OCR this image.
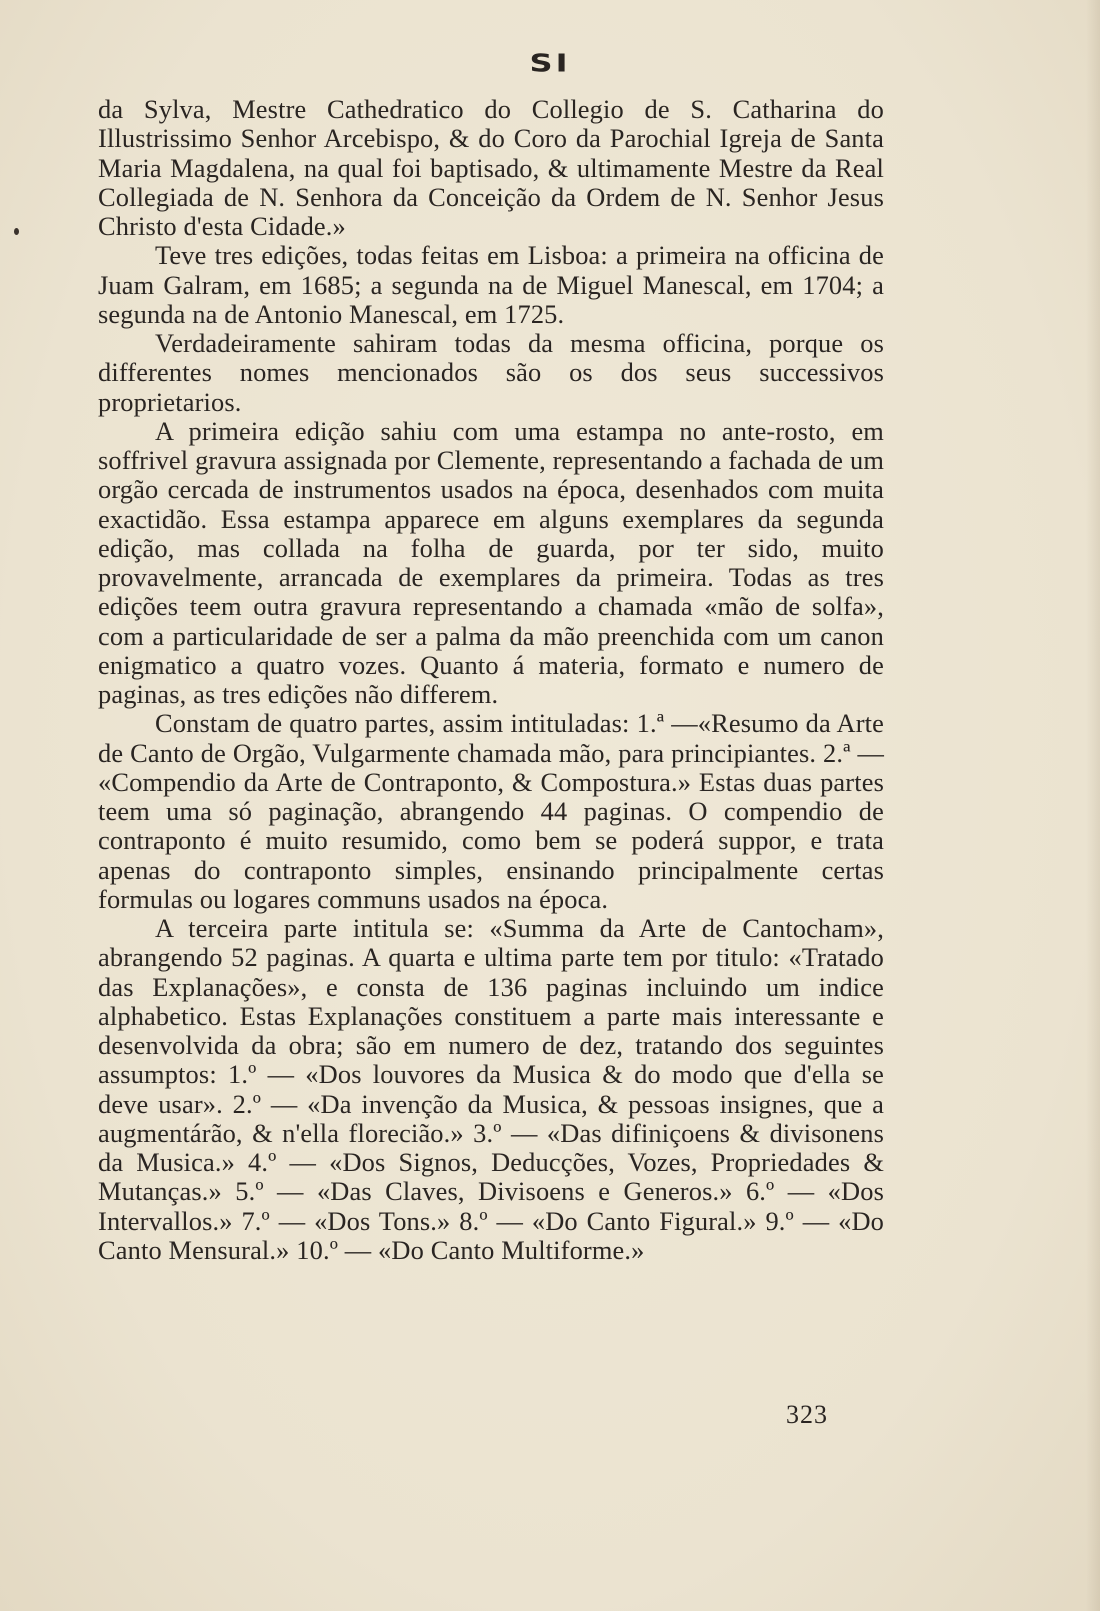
SI

da Sylva, Mestre Cathedratico do Collegio de S. Catharina do Illustrissimo Senhor Arcebispo, & do Coro da Parochial Igreja de Santa Maria Magdalena, na qual foi baptisado, & ultimamente Mestre da Real Collegiada de N. Senhora da Conceição da Ordem de N. Senhor Jesus Christo d'esta Cidade.»

Teve tres edições, todas feitas em Lisboa: a primeira na officina de Juam Galram, em 1685; a segunda na de Miguel Manescal, em 1704; a segunda na de Antonio Manescal, em 1725.

Verdadeiramente sahiram todas da mesma officina, porque os differentes nomes mencionados são os dos seus successivos proprietarios.

A primeira edição sahiu com uma estampa no ante-rosto, em soffrivel gravura assignada por Clemente, representando a fachada de um orgão cercada de instrumentos usados na época, desenhados com muita exactidão. Essa estampa apparece em alguns exemplares da segunda edição, mas collada na folha de guarda, por ter sido, muito provavelmente, arrancada de exemplares da primeira. Todas as tres edições teem outra gravura representando a chamada «mão de solfa», com a particularidade de ser a palma da mão preenchida com um canon enigmatico a quatro vozes. Quanto á materia, formato e numero de paginas, as tres edições não differem.

Constam de quatro partes, assim intituladas: 1.ª —«Resumo da Arte de Canto de Orgão, Vulgarmente chamada mão, para principiantes. 2.ª — «Compendio da Arte de Contraponto, & Compostura.» Estas duas partes teem uma só paginação, abrangendo 44 paginas. O compendio de contraponto é muito resumido, como bem se poderá suppor, e trata apenas do contraponto simples, ensinando principalmente certas formulas ou logares communs usados na época.

A terceira parte intitula se: «Summa da Arte de Cantocham», abrangendo 52 paginas. A quarta e ultima parte tem por titulo: «Tratado das Explanações», e consta de 136 paginas incluindo um indice alphabetico. Estas Explanações constituem a parte mais interessante e desenvolvida da obra; são em numero de dez, tratando dos seguintes assumptos: 1.º — «Dos louvores da Musica & do modo que d'ella se deve usar». 2.º — «Da invenção da Musica, & pessoas insignes, que a augmentárão, & n'ella florecião.» 3.º — «Das difiniçoens & divisonens da Musica.» 4.º — «Dos Signos, Deducções, Vozes, Propriedades & Mutanças.» 5.º — «Das Claves, Divisoens e Generos.» 6.º — «Dos Intervallos.» 7.º — «Dos Tons.» 8.º — «Do Canto Figural.» 9.º — «Do Canto Mensural.» 10.º — «Do Canto Multiforme.»

323
